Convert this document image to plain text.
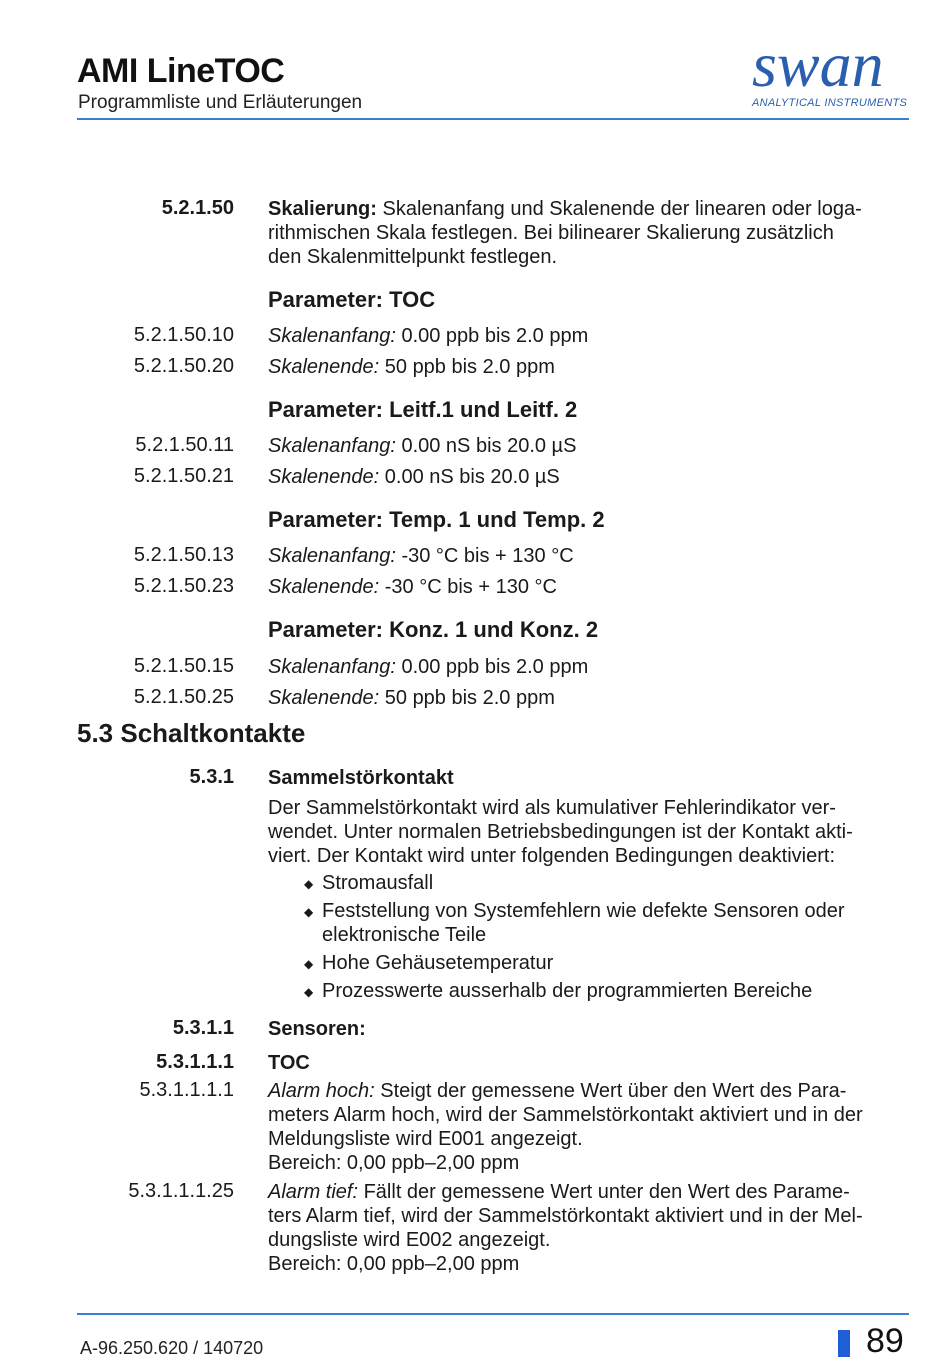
AMI LineTOC
Programmliste und Erläuterungen
swan
ANALYTICAL INSTRUMENTS
5.2.1.50 Skalierung: Skalenanfang und Skalenende der linearen oder loga-
rithmischen Skala festlegen. Bei bilinearer Skalierung zusätzlich
den Skalenmittelpunkt festlegen.
Parameter: TOC
5.2.1.50.10 Skalenanfang: 0.00 ppb bis 2.0 ppm
5.2.1.50.20 Skalenende: 50 ppb bis 2.0 ppm
Parameter: Leitf.1 und Leitf. 2
5.2.1.50.11 Skalenanfang: 0.00 nS bis 20.0 µS
5.2.1.50.21 Skalenende: 0.00 nS bis 20.0 µS
Parameter: Temp. 1 und Temp. 2
5.2.1.50.13 Skalenanfang: -30 °C bis + 130 °C
5.2.1.50.23 Skalenende: -30 °C bis + 130 °C
Parameter: Konz. 1 und Konz. 2
5.2.1.50.15 Skalenanfang: 0.00 ppb bis 2.0 ppm
5.2.1.50.25 Skalenende: 50 ppb bis 2.0 ppm
5.3 Schaltkontakte
5.3.1 Sammelstörkontakt
Der Sammelstörkontakt wird als kumulativer Fehlerindikator ver-
wendet. Unter normalen Betriebsbedingungen ist der Kontakt akti-
viert. Der Kontakt wird unter folgenden Bedingungen deaktiviert:
◆ Stromausfall
◆ Feststellung von Systemfehlern wie defekte Sensoren oder
elektronische Teile
◆ Hohe Gehäusetemperatur
◆ Prozesswerte ausserhalb der programmierten Bereiche
5.3.1.1 Sensoren:
5.3.1.1.1 TOC
5.3.1.1.1.1 Alarm hoch: Steigt der gemessene Wert über den Wert des Para-
meters Alarm hoch, wird der Sammelstörkontakt aktiviert und in der
Meldungsliste wird E001 angezeigt.
Bereich: 0,00 ppb–2,00 ppm
5.3.1.1.1.25 Alarm tief: Fällt der gemessene Wert unter den Wert des Parame-
ters Alarm tief, wird der Sammelstörkontakt aktiviert und in der Mel-
dungsliste wird E002 angezeigt.
Bereich: 0,00 ppb–2,00 ppm
A-96.250.620 / 140720	89
